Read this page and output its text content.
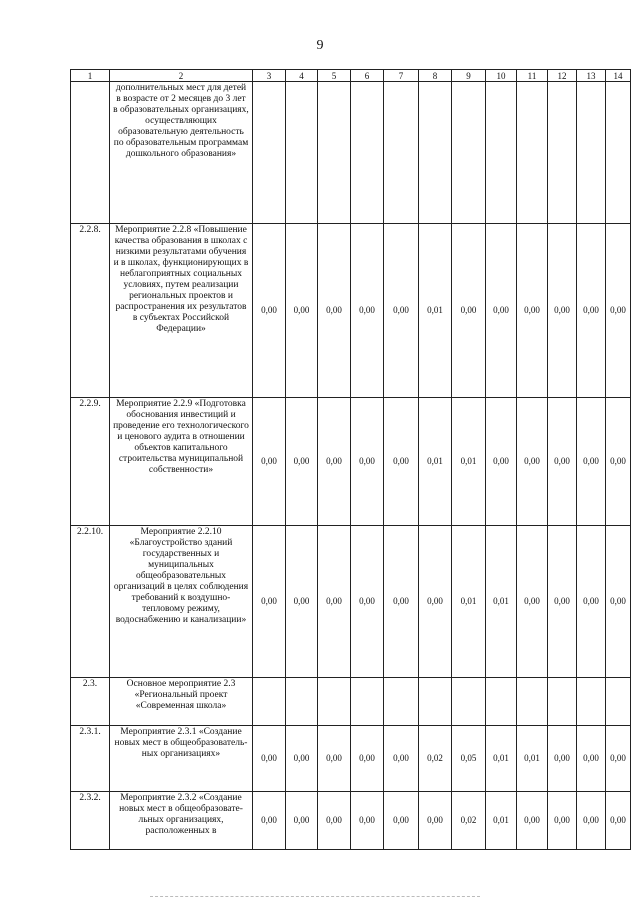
9
1	2	3	4	5	6	7	8	9	10	11	12	13	14
	дополнительных мест для детей в возрасте от 2 месяцев до 3 лет в образовательных организациях, осуществляющих образовательную деятельность по образовательным программам дошкольного образования»												
2.2.8.	Мероприятие 2.2.8 «Повышение качества образования в школах с низкими результатами обучения и в школах, функционирующих в неблагоприятных социальных условиях, путем реализации региональных проектов и распространения их результатов в субъектах Российской Федерации»	0,00	0,00	0,00	0,00	0,00	0,01	0,00	0,00	0,00	0,00	0,00	0,00
2.2.9.	Мероприятие 2.2.9 «Подготовка обоснования инвестиций и проведение его технологического и ценового аудита в отношении объектов капитального строительства муниципальной собственности»	0,00	0,00	0,00	0,00	0,00	0,01	0,01	0,00	0,00	0,00	0,00	0,00
2.2.10.	Мероприятие 2.2.10 «Благоустройство зданий государственных и муниципальных общеобразовательных организаций в целях соблюдения требований к воздушно-тепловому режиму, водоснабжению и канализации»	0,00	0,00	0,00	0,00	0,00	0,00	0,01	0,01	0,00	0,00	0,00	0,00
2.3.	Основное мероприятие 2.3 «Региональный проект «Современная школа»												
2.3.1.	Мероприятие 2.3.1 «Создание новых мест в общеобразователь-ных организациях»	0,00	0,00	0,00	0,00	0,00	0,02	0,05	0,01	0,01	0,00	0,00	0,00
2.3.2.	Мероприятие 2.3.2 «Создание новых мест в общеобразовате-льных организациях, расположенных в	0,00	0,00	0,00	0,00	0,00	0,00	0,02	0,01	0,00	0,00	0,00	0,00
